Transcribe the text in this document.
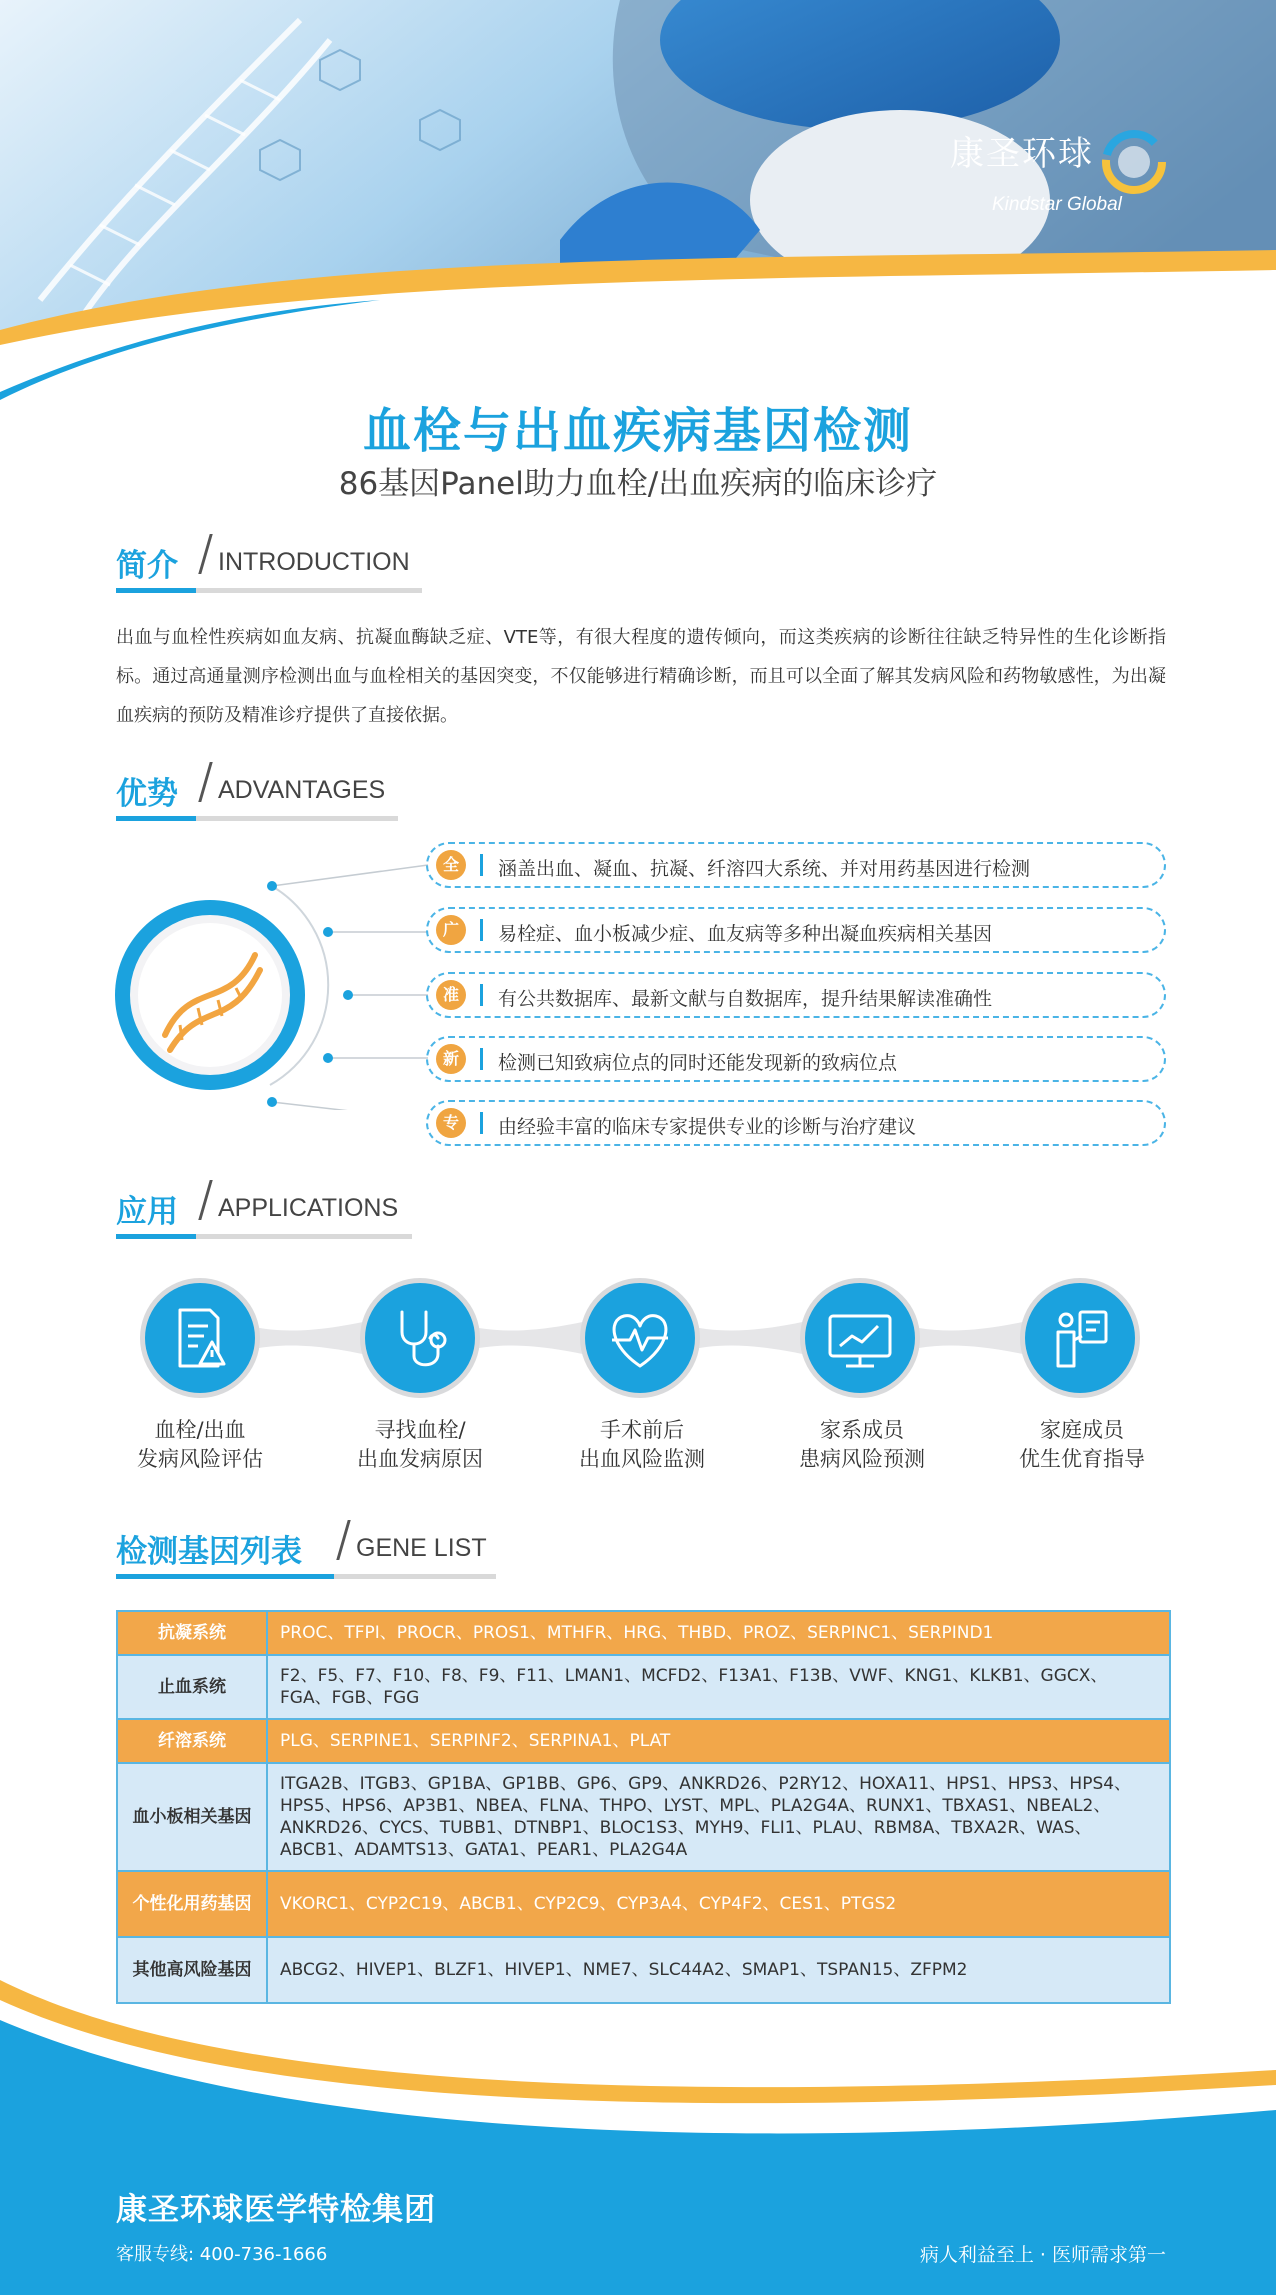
康圣环球
Kindstar Global
血栓与出血疾病基因检测
86基因Panel助力血栓/出血疾病的临床诊疗
简介 INTRODUCTION
出血与血栓性疾病如血友病、抗凝血酶缺乏症、VTE等，有很大程度的遗传倾向，而这类疾病的诊断往往缺乏特异性的生化诊断指标。通过高通量测序检测出血与血栓相关的基因突变，不仅能够进行精确诊断，而且可以全面了解其发病风险和药物敏感性，为出凝血疾病的预防及精准诊疗提供了直接依据。
优势 ADVANTAGES
全	涵盖出血、凝血、抗凝、纤溶四大系统、并对用药基因进行检测
广	易栓症、血小板减少症、血友病等多种出凝血疾病相关基因
准	有公共数据库、最新文献与自数据库，提升结果解读准确性
新	检测已知致病位点的同时还能发现新的致病位点
专	由经验丰富的临床专家提供专业的诊断与治疗建议
应用 APPLICATIONS
血栓/出血
发病风险评估
寻找血栓/
出血发病原因
手术前后
出血风险监测
家系成员
患病风险预测
家庭成员
优生优育指导
检测基因列表 GENE LIST
抗凝系统	PROC、TFPI、PROCR、PROS1、MTHFR、HRG、THBD、PROZ、SERPINC1、SERPIND1
止血系统	F2、F5、F7、F10、F8、F9、F11、LMAN1、MCFD2、F13A1、F13B、VWF、KNG1、KLKB1、GGCX、FGA、FGB、FGG
纤溶系统	PLG、SERPINE1、SERPINF2、SERPINA1、PLAT
血小板相关基因	ITGA2B、ITGB3、GP1BA、GP1BB、GP6、GP9、ANKRD26、P2RY12、HOXA11、HPS1、HPS3、HPS4、HPS5、HPS6、AP3B1、NBEA、FLNA、THPO、LYST、MPL、PLA2G4A、RUNX1、TBXAS1、NBEAL2、ANKRD26、CYCS、TUBB1、DTNBP1、BLOC1S3、MYH9、FLI1、PLAU、RBM8A、TBXA2R、WAS、ABCB1、ADAMTS13、GATA1、PEAR1、PLA2G4A
个性化用药基因	VKORC1、CYP2C19、ABCB1、CYP2C9、CYP3A4、CYP4F2、CES1、PTGS2
其他高风险基因	ABCG2、HIVEP1、BLZF1、HIVEP1、NME7、SLC44A2、SMAP1、TSPAN15、ZFPM2
康圣环球医学特检集团
客服专线: 400-736-1666	病人利益至上 · 医师需求第一
